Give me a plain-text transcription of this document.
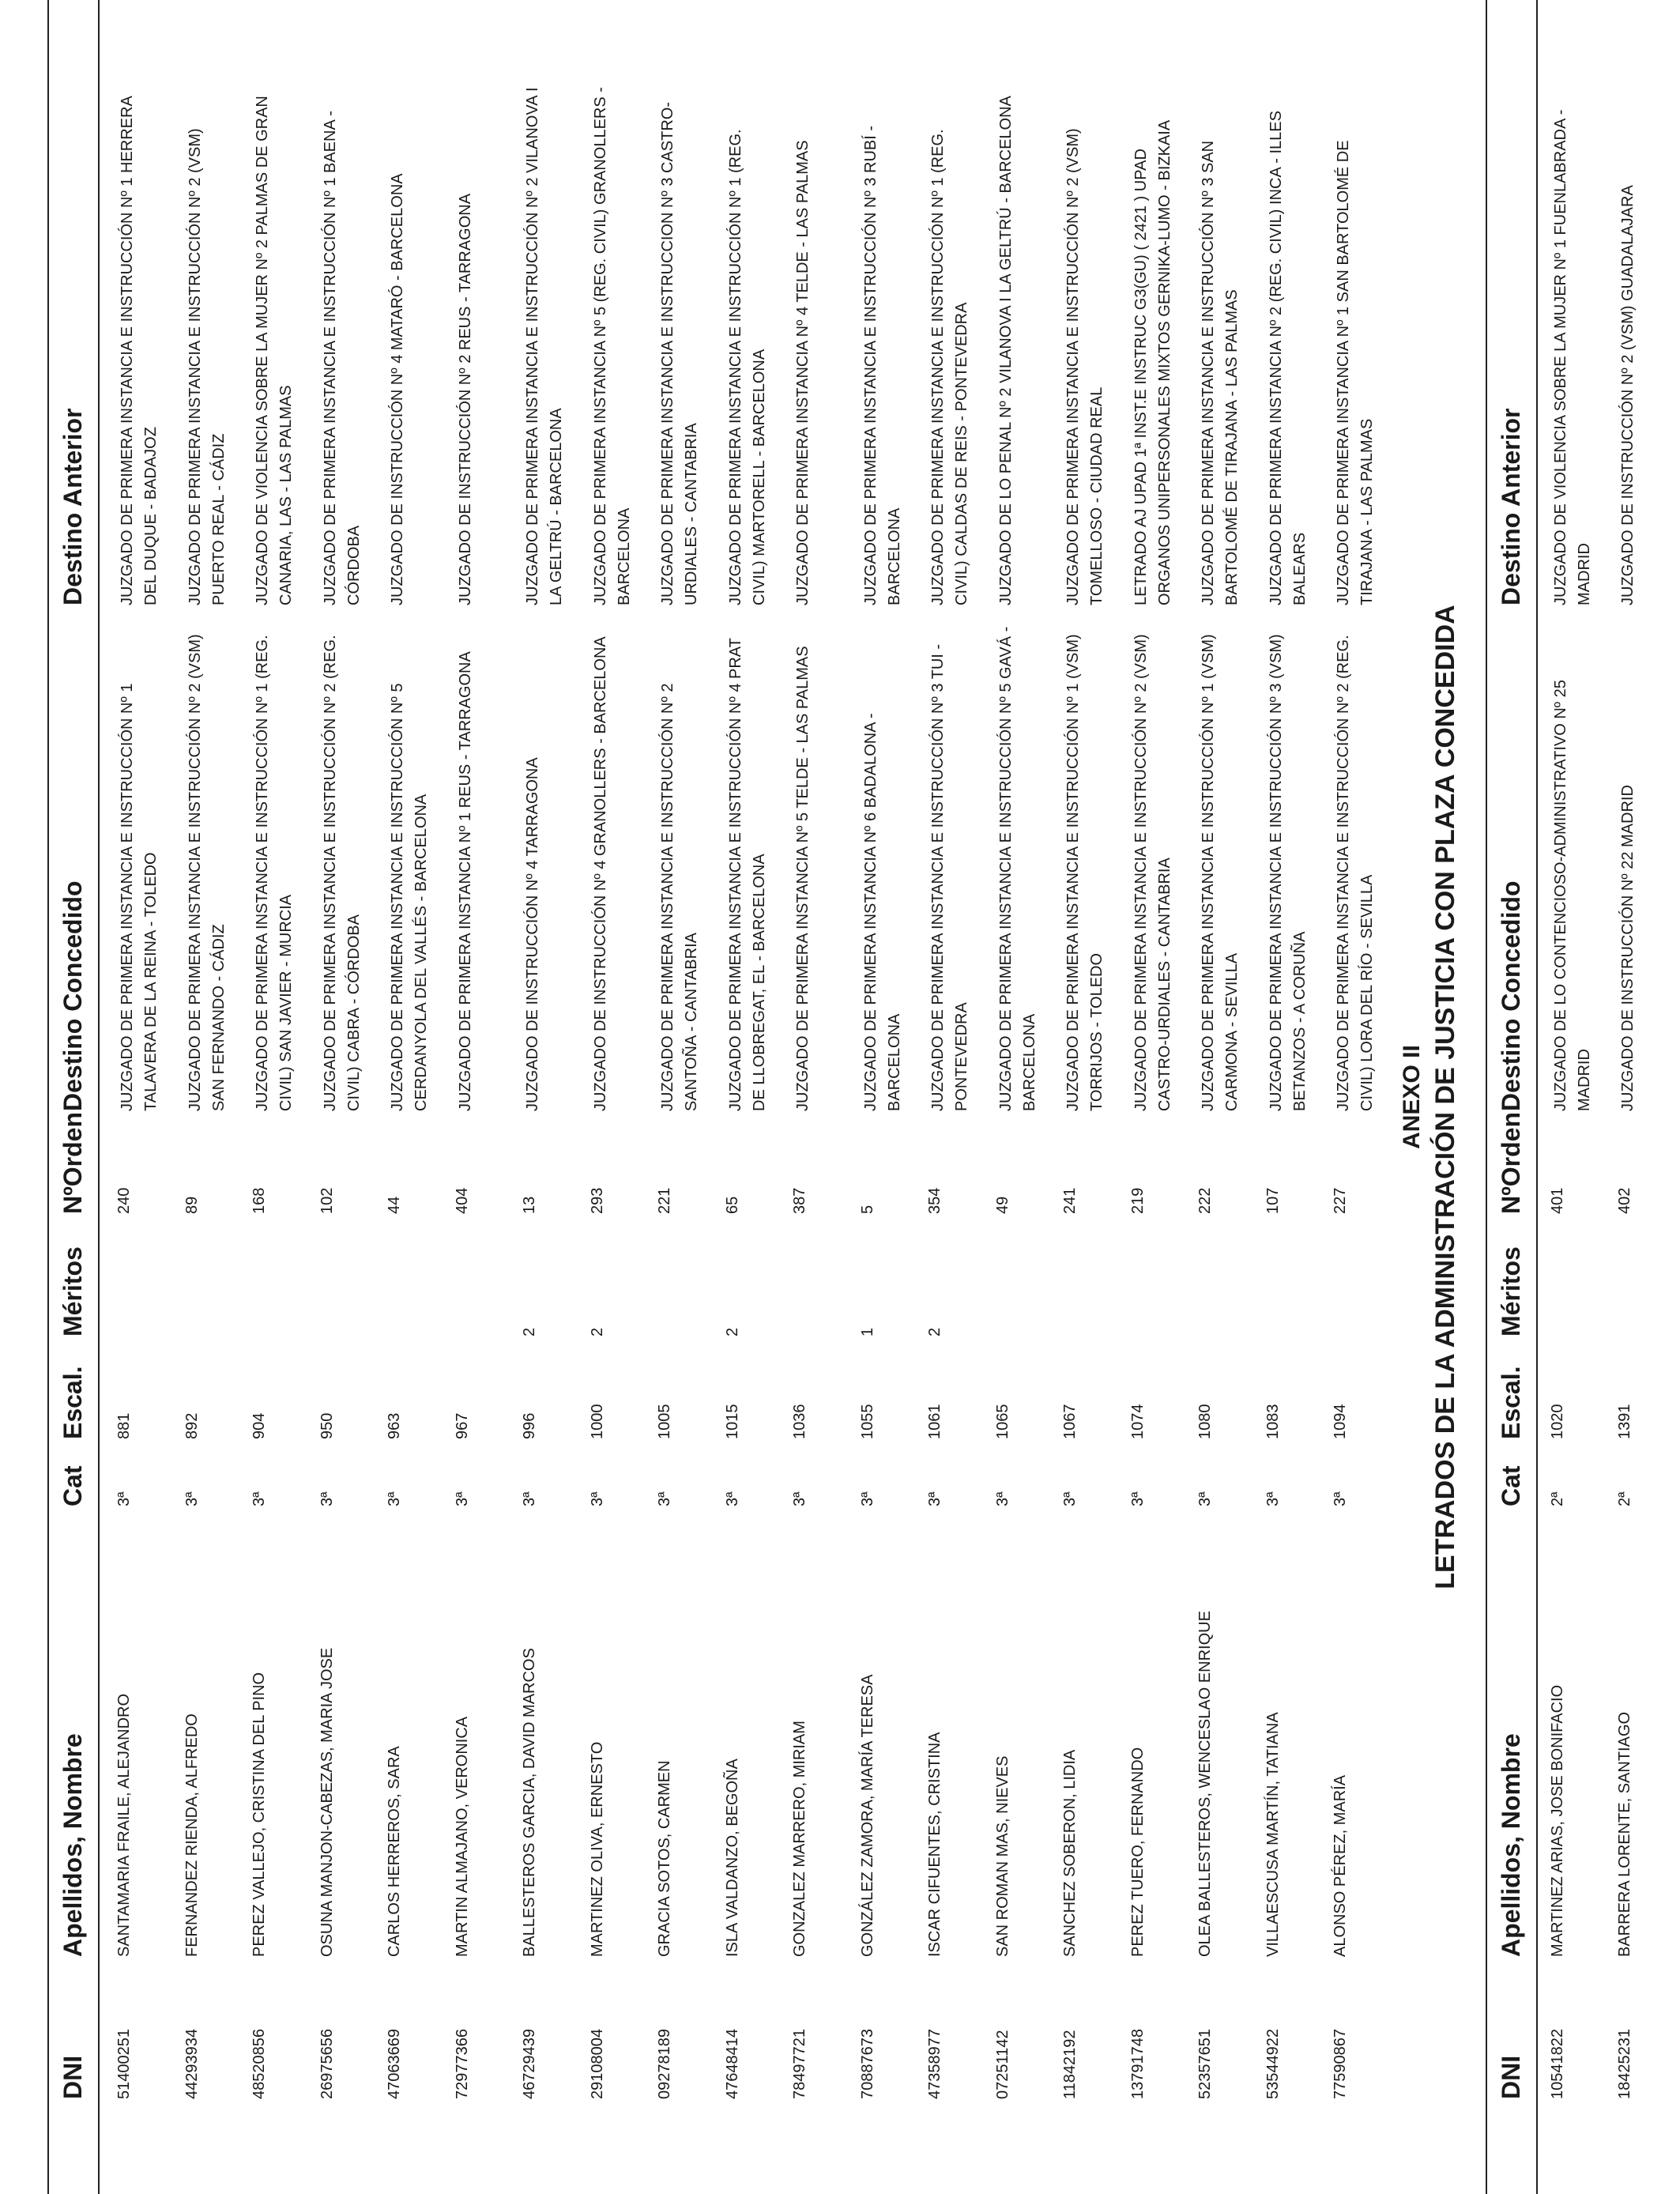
DNI
Apellidos, Nombre
Cat
Escal.
Méritos
NºOrden
Destino Concedido
Destino Anterior
51400251
SANTAMARIA FRAILE, ALEJANDRO
3ª
881
240
JUZGADO DE PRIMERA INSTANCIA E INSTRUCCIÓN Nº 1 TALAVERA DE LA REINA - TOLEDO
JUZGADO DE PRIMERA INSTANCIA E INSTRUCCIÓN Nº 1 HERRERA DEL DUQUE - BADAJOZ
44293934
FERNANDEZ RIENDA, ALFREDO
3ª
892
89
JUZGADO DE PRIMERA INSTANCIA E INSTRUCCIÓN Nº 2 (VSM) SAN FERNANDO - CÁDIZ
JUZGADO DE PRIMERA INSTANCIA E INSTRUCCIÓN Nº 2 (VSM) PUERTO REAL - CÁDIZ
48520856
PEREZ VALLEJO, CRISTINA DEL PINO
3ª
904
168
JUZGADO DE PRIMERA INSTANCIA E INSTRUCCIÓN Nº 1 (REG. CIVIL) SAN JAVIER - MURCIA
JUZGADO DE VIOLENCIA SOBRE LA MUJER Nº 2 PALMAS DE GRAN CANARIA, LAS - LAS PALMAS
26975656
OSUNA MANJON-CABEZAS, MARIA JOSE
3ª
950
102
JUZGADO DE PRIMERA INSTANCIA E INSTRUCCIÓN Nº 2 (REG. CIVIL) CABRA - CÓRDOBA
JUZGADO DE PRIMERA INSTANCIA E INSTRUCCIÓN Nº 1 BAENA - CÓRDOBA
47063669
CARLOS HERREROS, SARA
3ª
963
44
JUZGADO DE PRIMERA INSTANCIA E INSTRUCCIÓN Nº 5 CERDANYOLA DEL VALLÉS - BARCELONA
JUZGADO DE INSTRUCCIÓN Nº 4 MATARÓ - BARCELONA
72977366
MARTIN ALMAJANO, VERONICA
3ª
967
404
JUZGADO DE PRIMERA INSTANCIA Nº 1 REUS - TARRAGONA
JUZGADO DE INSTRUCCIÓN Nº 2 REUS - TARRAGONA
46729439
BALLESTEROS GARCIA, DAVID MARCOS
3ª
996
2
13
JUZGADO DE INSTRUCCIÓN Nº 4 TARRAGONA
JUZGADO DE PRIMERA INSTANCIA E INSTRUCCIÓN Nº 2 VILANOVA I LA GELTRÚ - BARCELONA
29108004
MARTINEZ OLIVA, ERNESTO
3ª
1000
2
293
JUZGADO DE INSTRUCCIÓN Nº 4 GRANOLLERS - BARCELONA
JUZGADO DE PRIMERA INSTANCIA Nº 5 (REG. CIVIL) GRANOLLERS - BARCELONA
09278189
GRACIA SOTOS, CARMEN
3ª
1005
221
JUZGADO DE PRIMERA INSTANCIA E INSTRUCCIÓN Nº 2 SANTOÑA - CANTABRIA
JUZGADO DE PRIMERA INSTANCIA E INSTRUCCION Nº 3 CASTRO-URDIALES - CANTABRIA
47648414
ISLA VALDANZO, BEGOÑA
3ª
1015
2
65
JUZGADO DE PRIMERA INSTANCIA E INSTRUCCIÓN Nº 4 PRAT DE LLOBREGAT, EL - BARCELONA
JUZGADO DE PRIMERA INSTANCIA E INSTRUCCIÓN Nº 1 (REG. CIVIL) MARTORELL - BARCELONA
78497721
GONZALEZ MARRERO, MIRIAM
3ª
1036
387
JUZGADO DE PRIMERA INSTANCIA Nº 5 TELDE - LAS PALMAS
JUZGADO DE PRIMERA INSTANCIA Nº 4 TELDE - LAS PALMAS
70887673
GONZÁLEZ ZAMORA, MARÍA TERESA
3ª
1055
1
5
JUZGADO DE PRIMERA INSTANCIA Nº 6 BADALONA - BARCELONA
JUZGADO DE PRIMERA INSTANCIA E INSTRUCCIÓN Nº 3 RUBÍ - BARCELONA
47358977
ISCAR CIFUENTES, CRISTINA
3ª
1061
2
354
JUZGADO DE PRIMERA INSTANCIA E INSTRUCCIÓN Nº 3 TUI - PONTEVEDRA
JUZGADO DE PRIMERA INSTANCIA E INSTRUCCIÓN Nº 1 (REG. CIVIL) CALDAS DE REIS - PONTEVEDRA
07251142
SAN ROMAN MAS, NIEVES
3ª
1065
49
JUZGADO DE PRIMERA INSTANCIA E INSTRUCCIÓN Nº 5 GAVÁ - BARCELONA
JUZGADO DE LO PENAL Nº 2 VILANOVA I LA GELTRÚ - BARCELONA
11842192
SANCHEZ SOBERON, LIDIA
3ª
1067
241
JUZGADO DE PRIMERA INSTANCIA E INSTRUCCIÓN Nº 1 (VSM) TORRIJOS - TOLEDO
JUZGADO DE PRIMERA INSTANCIA E INSTRUCCIÓN Nº 2 (VSM) TOMELLOSO - CIUDAD REAL
13791748
PEREZ TUERO, FERNANDO
3ª
1074
219
JUZGADO DE PRIMERA INSTANCIA E INSTRUCCIÓN Nº 2 (VSM) CASTRO-URDIALES - CANTABRIA
LETRADO AJ UPAD 1ª INST.E INSTRUC G3(GU) ( 2421 ) UPAD ORGANOS UNIPERSONALES MIXTOS GERNIKA-LUMO - BIZKAIA
52357651
OLEA BALLESTEROS, WENCESLAO ENRIQUE
3ª
1080
222
JUZGADO DE PRIMERA INSTANCIA E INSTRUCCIÓN Nº 1 (VSM) CARMONA - SEVILLA
JUZGADO DE PRIMERA INSTANCIA E INSTRUCCIÓN Nº 3 SAN BARTOLOMÉ DE TIRAJANA - LAS PALMAS
53544922
VILLAESCUSA MARTÍN, TATIANA
3ª
1083
107
JUZGADO DE PRIMERA INSTANCIA E INSTRUCCIÓN Nº 3 (VSM) BETANZOS - A CORUÑA
JUZGADO DE PRIMERA INSTANCIA Nº 2 (REG. CIVIL) INCA - ILLES BALEARS
77590867
ALONSO PÉREZ, MARÍA
3ª
1094
227
JUZGADO DE PRIMERA INSTANCIA E INSTRUCCIÓN Nº 2 (REG. CIVIL) LORA DEL RÍO - SEVILLA
JUZGADO DE PRIMERA INSTANCIA Nº 1 SAN BARTOLOMÉ DE TIRAJANA - LAS PALMAS
ANEXO II LETRADOS DE LA ADMINISTRACIÓN DE JUSTICIA CON PLAZA CONCEDIDA
DNI
Apellidos, Nombre
Cat
Escal.
Méritos
NºOrden
Destino Concedido
Destino Anterior
10541822
MARTINEZ ARIAS, JOSE BONIFACIO
2ª
1020
401
JUZGADO DE LO CONTENCIOSO-ADMINISTRATIVO Nº 25 MADRID
JUZGADO DE VIOLENCIA SOBRE LA MUJER Nº 1 FUENLABRADA - MADRID
18425231
BARRERA LORENTE, SANTIAGO
2ª
1391
402
JUZGADO DE INSTRUCCIÓN Nº 22 MADRID
JUZGADO DE INSTRUCCIÓN Nº 2 (VSM) GUADALAJARA
